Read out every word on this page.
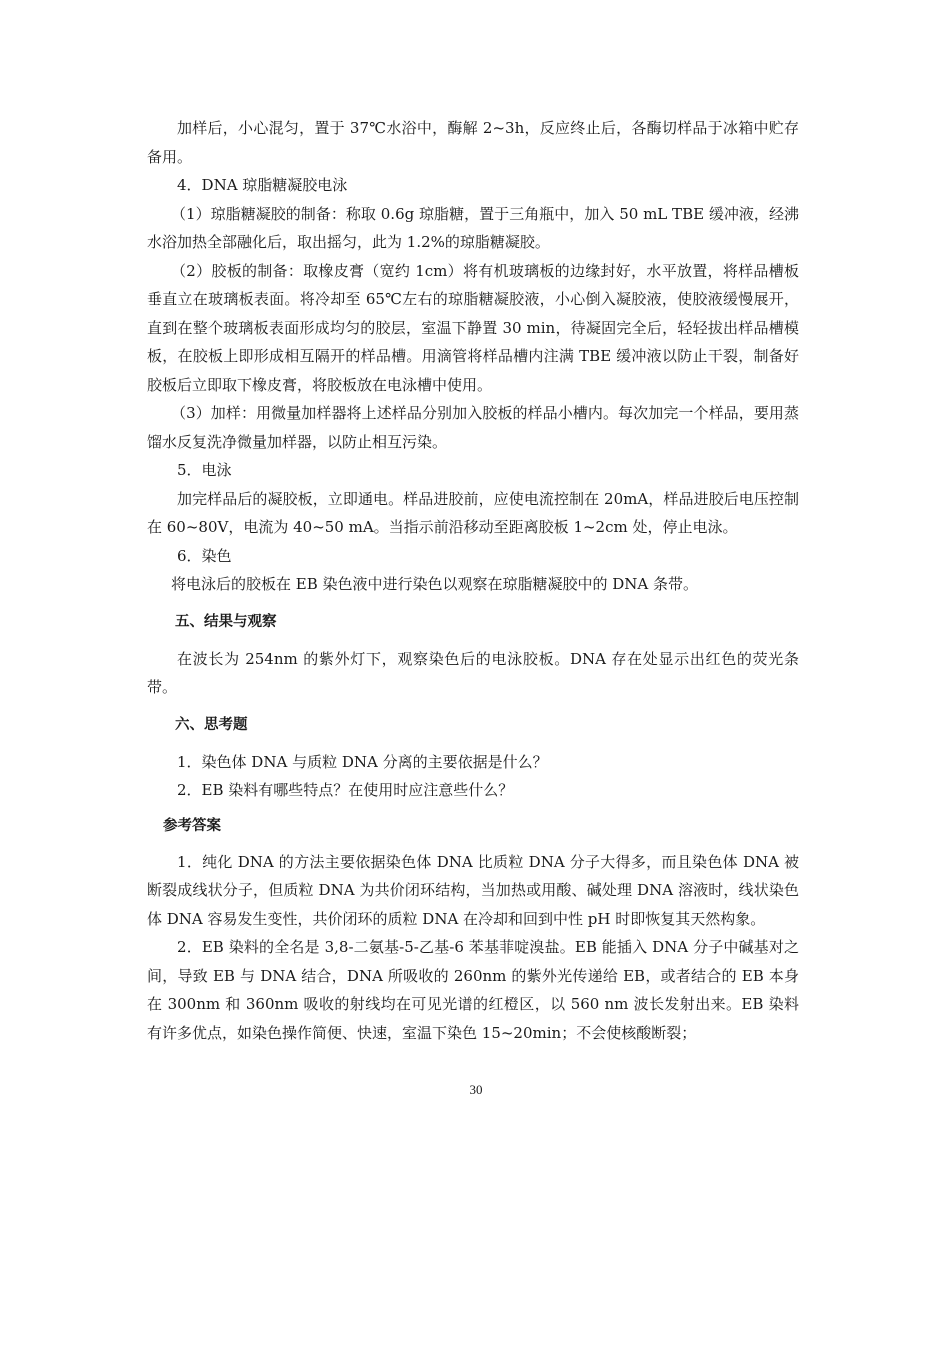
加样后，小心混匀，置于 37℃水浴中，酶解 2~3h，反应终止后，各酶切样品于冰箱中贮存备用。

4．DNA 琼脂糖凝胶电泳

（1）琼脂糖凝胶的制备：称取 0.6g 琼脂糖，置于三角瓶中，加入 50 mL TBE 缓冲液，经沸水浴加热全部融化后，取出摇匀，此为 1.2%的琼脂糖凝胶。

（2）胶板的制备：取橡皮膏（宽约 1cm）将有机玻璃板的边缘封好，水平放置，将样品槽板垂直立在玻璃板表面。将冷却至 65℃左右的琼脂糖凝胶液，小心倒入凝胶液，使胶液缓慢展开，直到在整个玻璃板表面形成均匀的胶层，室温下静置 30 min，待凝固完全后，轻轻拔出样品槽模板，在胶板上即形成相互隔开的样品槽。用滴管将样品槽内注满 TBE 缓冲液以防止干裂，制备好胶板后立即取下橡皮膏，将胶板放在电泳槽中使用。

（3）加样：用微量加样器将上述样品分别加入胶板的样品小槽内。每次加完一个样品，要用蒸馏水反复洗净微量加样器，以防止相互污染。

5．电泳

加完样品后的凝胶板，立即通电。样品进胶前，应使电流控制在 20mA，样品进胶后电压控制在 60~80V，电流为 40~50 mA。当指示前沿移动至距离胶板 1~2cm 处，停止电泳。

6．染色

将电泳后的胶板在 EB 染色液中进行染色以观察在琼脂糖凝胶中的 DNA 条带。

五、结果与观察

在波长为 254nm 的紫外灯下，观察染色后的电泳胶板。DNA 存在处显示出红色的荧光条带。

六、思考题

1．染色体 DNA 与质粒 DNA 分离的主要依据是什么？

2．EB 染料有哪些特点？在使用时应注意些什么？

参考答案

1．纯化 DNA 的方法主要依据染色体 DNA 比质粒 DNA 分子大得多，而且染色体 DNA 被断裂成线状分子，但质粒 DNA 为共价闭环结构，当加热或用酸、碱处理 DNA 溶液时，线状染色体 DNA 容易发生变性，共价闭环的质粒 DNA 在冷却和回到中性 pH 时即恢复其天然构象。

2．EB 染料的全名是 3,8-二氨基-5-乙基-6 苯基菲啶溴盐。EB 能插入 DNA 分子中碱基对之间，导致 EB 与 DNA 结合，DNA 所吸收的 260nm 的紫外光传递给 EB，或者结合的 EB 本身在 300nm 和 360nm 吸收的射线均在可见光谱的红橙区，以 560 nm 波长发射出来。EB 染料有许多优点，如染色操作简便、快速，室温下染色 15~20min；不会使核酸断裂；

30
